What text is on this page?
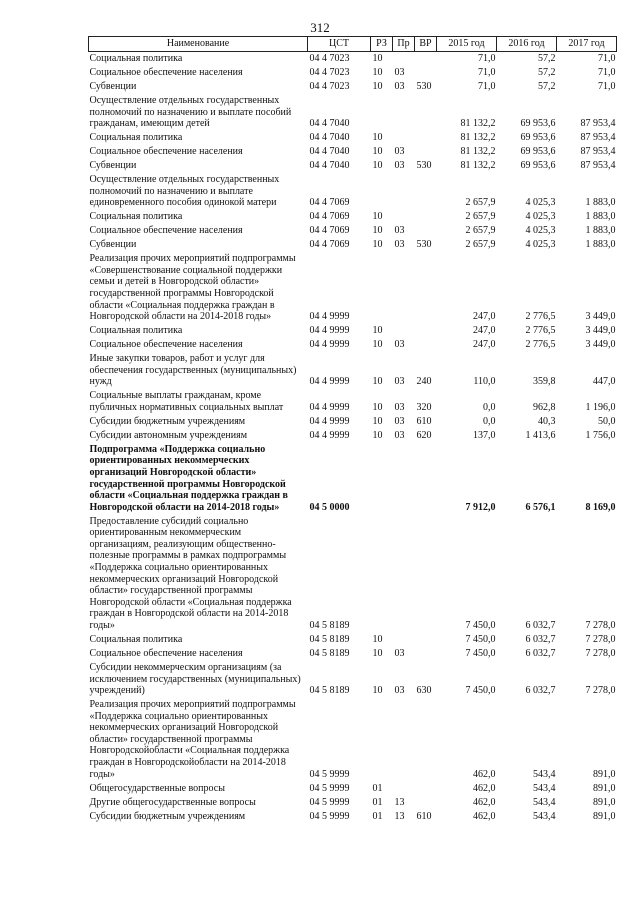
312
Наименование	ЦСТ	РЗ	Пр	ВР	2015 год	2016 год	2017 год
Социальная политика	04 4 7023	10			71,0	57,2	71,0
Социальное обеспечение населения	04 4 7023	10	03		71,0	57,2	71,0
Субвенции	04 4 7023	10	03	530	71,0	57,2	71,0
Осуществление отдельных государственных полномочий по назначению и выплате пособий гражданам, имеющим детей	04 4 7040				81 132,2	69 953,6	87 953,4
Социальная политика	04 4 7040	10			81 132,2	69 953,6	87 953,4
Социальное обеспечение населения	04 4 7040	10	03		81 132,2	69 953,6	87 953,4
Субвенции	04 4 7040	10	03	530	81 132,2	69 953,6	87 953,4
Осуществление отдельных государственных полномочий по назначению и выплате единовременного пособия одинокой матери	04 4 7069				2 657,9	4 025,3	1 883,0
Социальная политика	04 4 7069	10			2 657,9	4 025,3	1 883,0
Социальное обеспечение населения	04 4 7069	10	03		2 657,9	4 025,3	1 883,0
Субвенции	04 4 7069	10	03	530	2 657,9	4 025,3	1 883,0
Реализация прочих мероприятий подпрограммы «Совершенствование социальной поддержки семьи и детей в Новгородской области» государственной программы Новгородской области «Социальная поддержка граждан в Новгородской области на 2014-2018 годы»	04 4 9999				247,0	2 776,5	3 449,0
Социальная политика	04 4 9999	10			247,0	2 776,5	3 449,0
Социальное обеспечение населения	04 4 9999	10	03		247,0	2 776,5	3 449,0
Иные закупки товаров, работ и услуг для обеспечения государственных (муниципальных) нужд	04 4 9999	10	03	240	110,0	359,8	447,0
Социальные выплаты гражданам, кроме публичных нормативных социальных выплат	04 4 9999	10	03	320	0,0	962,8	1 196,0
Субсидии бюджетным учреждениям	04 4 9999	10	03	610	0,0	40,3	50,0
Субсидии автономным учреждениям	04 4 9999	10	03	620	137,0	1 413,6	1 756,0
Подпрограмма «Поддержка социально ориентированных некоммерческих организаций Новгородской области» государственной программы Новгородской области «Социальная поддержка граждан в Новгородской области на 2014-2018 годы»	04 5 0000				7 912,0	6 576,1	8 169,0
Предоставление субсидий социально ориентированным некоммерческим организациям, реализующим общественно-полезные программы в рамках подпрограммы «Поддержка социально ориентированных некоммерческих организаций Новгородской области» государственной программы Новгородской области «Социальная поддержка граждан в Новгородской области на 2014-2018 годы»	04 5 8189				7 450,0	6 032,7	7 278,0
Социальная политика	04 5 8189	10			7 450,0	6 032,7	7 278,0
Социальное обеспечение населения	04 5 8189	10	03		7 450,0	6 032,7	7 278,0
Субсидии некоммерческим организациям (за исключением государственных (муниципальных) учреждений)	04 5 8189	10	03	630	7 450,0	6 032,7	7 278,0
Реализация прочих мероприятий подпрограммы «Поддержка социально ориентированных некоммерческих организаций Новгородской области» государственной программы Новгородскойобласти «Социальная поддержка граждан в Новгородскойобласти на 2014-2018 годы»	04 5 9999				462,0	543,4	891,0
Общегосударственные вопросы	04 5 9999	01			462,0	543,4	891,0
Другие общегосударственные вопросы	04 5 9999	01	13		462,0	543,4	891,0
Субсидии бюджетным учреждениям	04 5 9999	01	13	610	462,0	543,4	891,0
